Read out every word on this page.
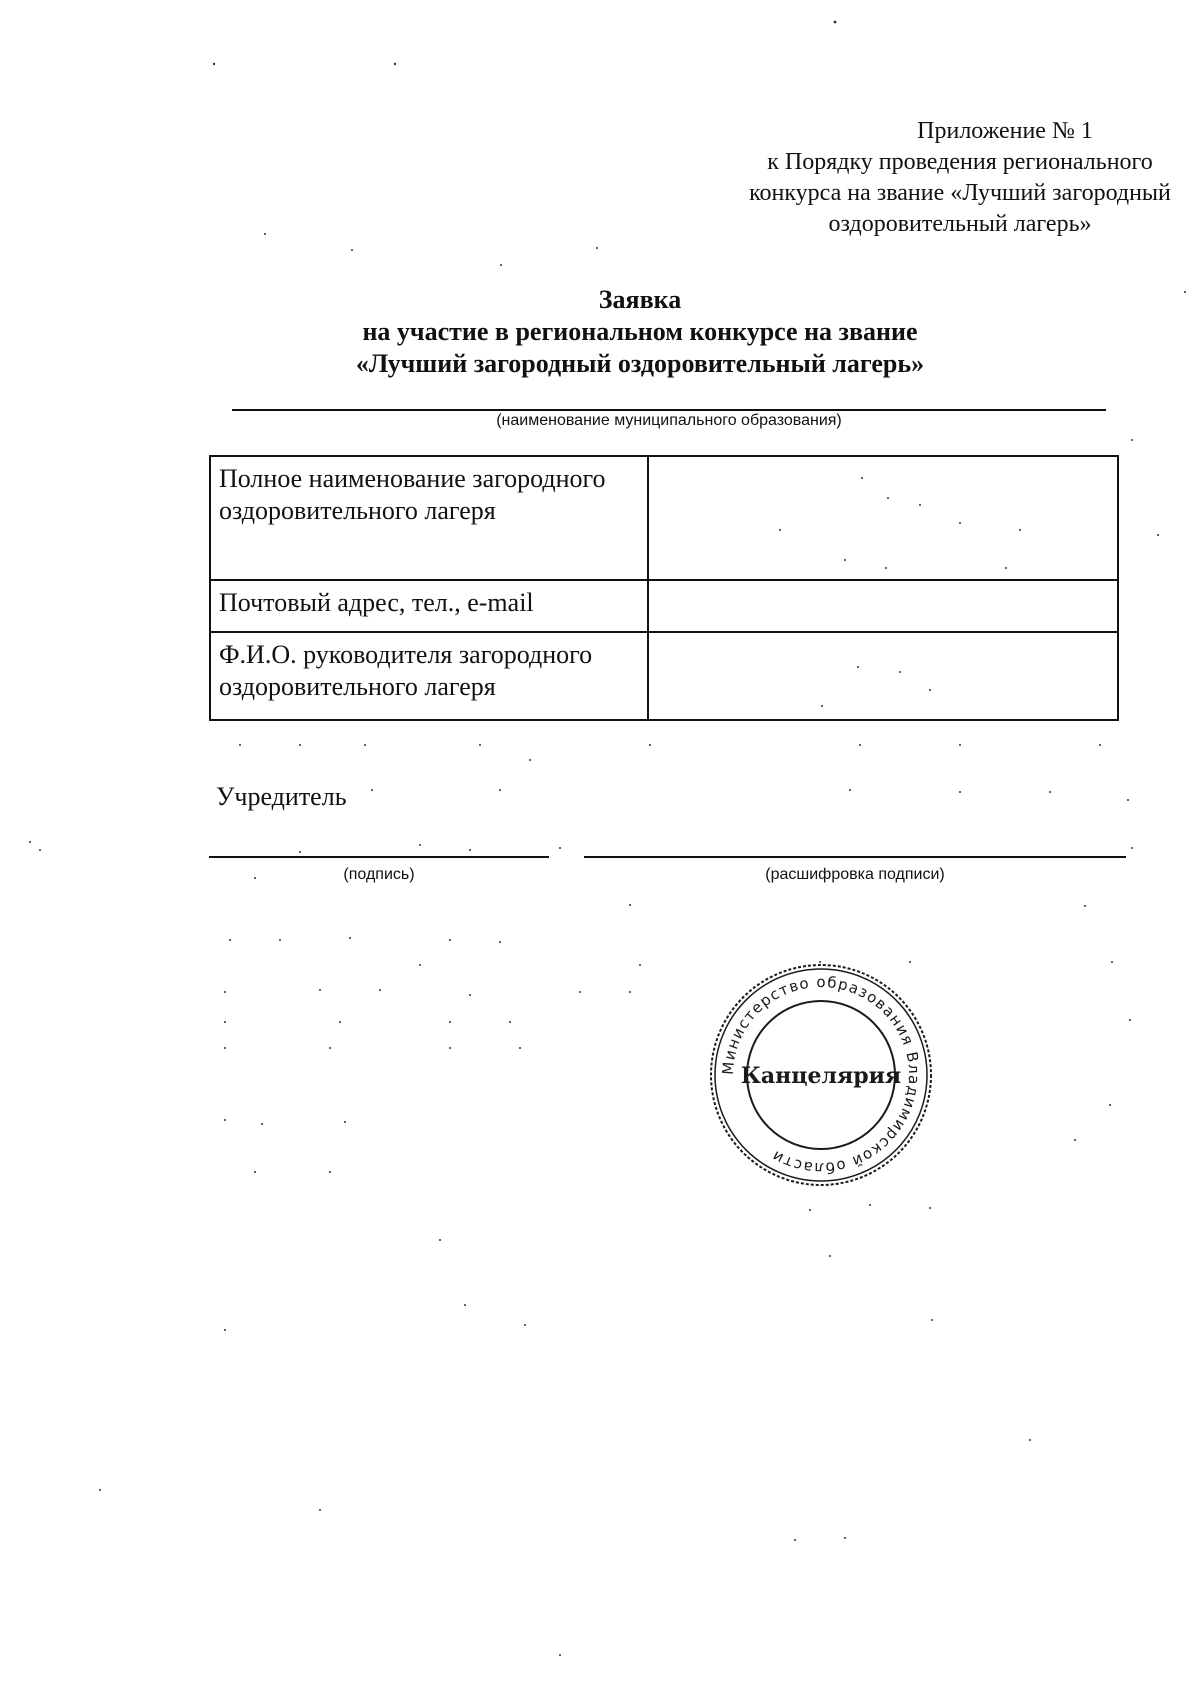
Приложение № 1
к Порядку проведения регионального
конкурса на звание «Лучший загородный
оздоровительный лагерь»
Заявка
на участие в региональном конкурсе на звание
«Лучший загородный оздоровительный лагерь»
(наименование муниципального образования)
Полное наименование загородного оздоровительного лагеря	
Почтовый адрес, тел., e-mail	
Ф.И.О. руководителя загородного оздоровительного лагеря	
Учредитель
(подпись)	(расшифровка подписи)
Министерство образования Владимирской области
Канцелярия
